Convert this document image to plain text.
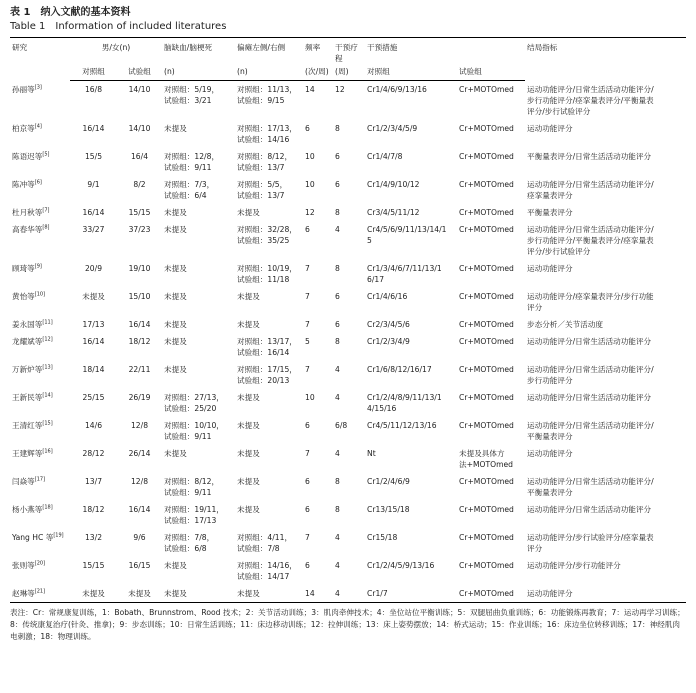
表 1　纳入文献的基本资料
Table 1　Information of included literatures
研究	男/女(n)		脑缺血/脑梗死	偏瘫左侧/右侧	频率	干预疗程	干预措施		结局指标
	对照组	试验组	(n)	(n)	(次/周)	(周)	对照组	试验组	
孙丽等[3]	16/8	14/10	对照组：5/19，
试验组：3/21	对照组：11/13，
试验组：9/15	14	12	Cr1/4/6/9/13/16	Cr+MOTOmed	运动功能评分/日常生活活动功能评分/
步行功能评分/痉挛量表评分/平衡量表
评分/步行试验评分

柏京等[4]	16/14	14/10	未提及	对照组：17/13，
试验组：14/16	6	8	Cr1/2/3/4/5/9	Cr+MOTOmed	运动功能评分

陈语迟等[5]	15/5	16/4	对照组：12/8，
试验组：9/11	对照组：8/12，
试验组：13/7	10	6	Cr1/4/7/8	Cr+MOTOmed	平衡量表评分/日常生活活动功能评分

陈冲等[6]	9/1	8/2	对照组：7/3，
试验组：6/4	对照组：5/5，
试验组：13/7	10	6	Cr1/4/9/10/12	Cr+MOTOmed	运动功能评分/日常生活活动功能评分/
痉挛量表评分

杜月秋等[7]	16/14	15/15	未提及	未提及	12	8	Cr3/4/5/11/12	Cr+MOTOmed	平衡量表评分

高春华等[8]	33/27	37/23	未提及	对照组：32/28，
试验组：35/25	6	4	Cr4/5/6/9/11/13/14/1
5	Cr+MOTOmed	运动功能评分/日常生活活动功能评分/
步行功能评分/平衡量表评分/痉挛量表
评分/步行试验评分

顾琦等[9]	20/9	19/10	未提及	对照组：10/19，
试验组：11/18	7	8	Cr1/3/4/6/7/11/13/1
6/17	Cr+MOTOmed	运动功能评分

黄怡等[10]	未提及	15/10	未提及	未提及	7	6	Cr1/4/6/16	Cr+MOTOmed	运动功能评分/痉挛量表评分/步行功能
评分

姜永国等[11]	17/13	16/14	未提及	未提及	7	6	Cr2/3/4/5/6	Cr+MOTOmed	步态分析／关节活动度

龙耀斌等[12]	16/14	18/12	未提及	对照组：13/17，
试验组：16/14	5	8	Cr1/2/3/4/9	Cr+MOTOmed	运动功能评分/日常生活活动功能评分

万新炉等[13]	18/14	22/11	未提及	对照组：17/15，
试验组：20/13	7	4	Cr1/6/8/12/16/17	Cr+MOTOmed	运动功能评分/日常生活活动功能评分/
步行功能评分

王新民等[14]	25/15	26/19	对照组：27/13，
试验组：25/20	未提及	10	4	Cr1/2/4/8/9/11/13/1
4/15/16	Cr+MOTOmed	运动功能评分/日常生活活动功能评分

王清红等[15]	14/6	12/8	对照组：10/10，
试验组：9/11	未提及	6	6/8	Cr4/5/11/12/13/16	Cr+MOTOmed	运动功能评分/日常生活活动功能评分/
平衡量表评分

王建辉等[16]	28/12	26/14	未提及	未提及	7	4	Nt	未提及具体方
法+MOTOmed	运动功能评分

闫焱等[17]	13/7	12/8	对照组：8/12，
试验组：9/11	未提及	6	8	Cr1/2/4/6/9	Cr+MOTOmed	运动功能评分/日常生活活动功能评分/
平衡量表评分

杨小燕等[18]	18/12	16/14	对照组：19/11，
试验组：17/13	未提及	6	8	Cr13/15/18	Cr+MOTOmed	运动功能评分/日常生活活动功能评分

Yang HC 等[19]	13/2	9/6	对照组：7/8，
试验组：6/8	对照组：4/11，
试验组：7/8	7	4	Cr15/18	Cr+MOTOmed	运动功能评分/步行试验评分/痉挛量表
评分

张则等[20]	15/15	16/15	未提及	对照组：14/16，
试验组：14/17	6	4	Cr1/2/4/5/9/13/16	Cr+MOTOmed	运动功能评分/步行功能评分

赵琳等[21]	未提及	未提及	未提及	未提及	14	4	Cr1/7	Cr+MOTOmed	运动功能评分
表注：Cr：常规康复训练，1：Bobath、Brunnstrom、Rood 技术；2：关节活动训练；3：肌肉牵伸技术；4：坐位站位平衡训练；5：双腿屈曲负重训练；6：功能锻炼再教育；7：运动再学习训练；8：传统康复治疗(针灸、推拿)；9：步态训练；10：日常生活训练；11：床边移动训练；12：拉伸训练；13：床上姿势摆放；14：桥式运动；15：作业训练；16：床边坐位转移训练；17：神经肌肉电刺激；18：物理训练。
